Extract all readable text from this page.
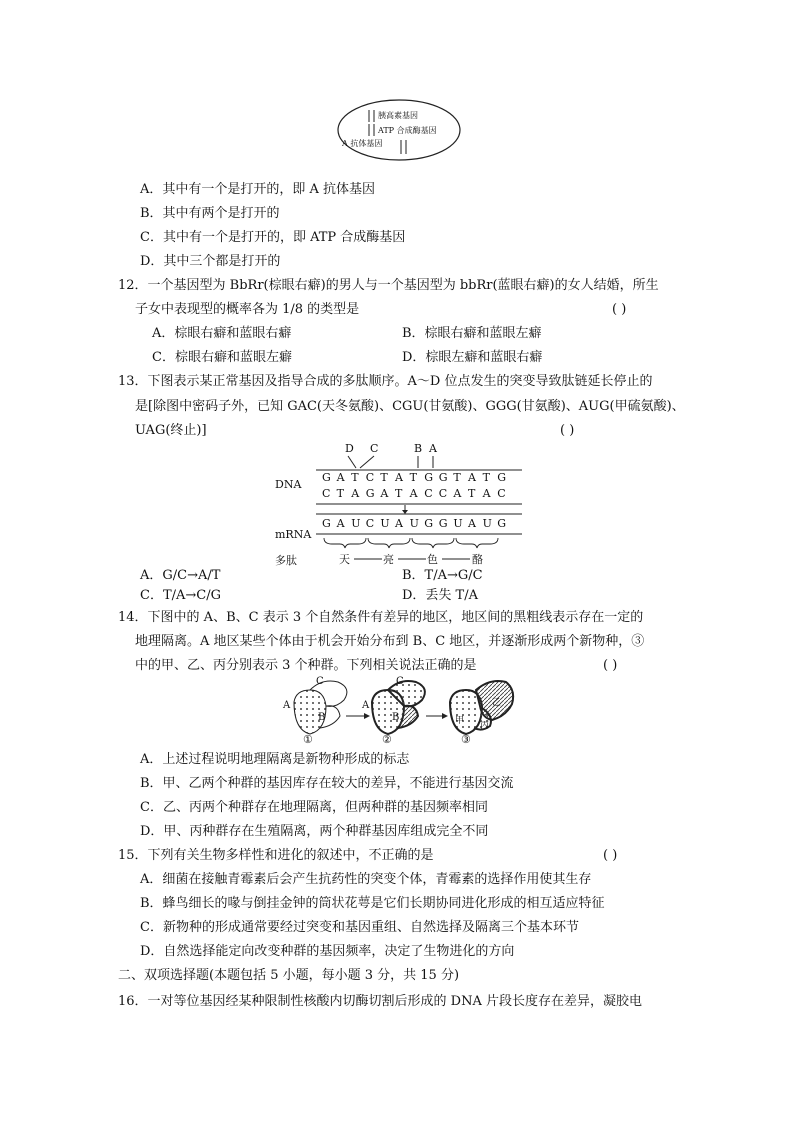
胰高素基因
ATP 合成酶基因
A 抗体基因
A．其中有一个是打开的，即 A 抗体基因
B．其中有两个是打开的
C．其中有一个是打开的，即 ATP 合成酶基因
D．其中三个都是打开的
12．一个基因型为 BbRr(棕眼右癖)的男人与一个基因型为 bbRr(蓝眼右癖)的女人结婚，所生
子女中表现型的概率各为 1/8 的类型是	( )
A．棕眼右癖和蓝眼右癖	B．棕眼右癖和蓝眼左癖
C．棕眼右癖和蓝眼左癖	D．棕眼左癖和蓝眼右癖
13．下图表示某正常基因及指导合成的多肽顺序。A～D 位点发生的突变导致肽链延长停止的
是[除图中密码子外，已知 GAC(天冬氨酸)、CGU(甘氨酸)、GGG(甘氨酸)、AUG(甲硫氨酸)、
UAG(终止)]	( )
DNA
mRNA
多肽
G A T C T A T G G T A T G
C T A G A T A C C A T A C
G A U C U A U G G U A U G
D C	B A
天	亮	色	酪
A．G/C→A/T	B．T/A→G/C
C．T/A→C/G	D．丢失 T/A
14．下图中的 A、B、C 表示 3 个自然条件有差异的地区，地区间的黑粗线表示存在一定的
地理隔离。A 地区某些个体由于机会开始分布到 B、C 地区，并逐渐形成两个新物种，③
中的甲、乙、丙分别表示 3 个种群。下列相关说法正确的是	( )
A
B
C
A
B
C
甲
乙
丙
①	②	③
A．上述过程说明地理隔离是新物种形成的标志
B．甲、乙两个种群的基因库存在较大的差异，不能进行基因交流
C．乙、丙两个种群存在地理隔离，但两种群的基因频率相同
D．甲、丙种群存在生殖隔离，两个种群基因库组成完全不同
15．下列有关生物多样性和进化的叙述中，不正确的是	( )
A．细菌在接触青霉素后会产生抗药性的突变个体，青霉素的选择作用使其生存
B．蜂鸟细长的喙与倒挂金钟的筒状花萼是它们长期协同进化形成的相互适应特征
C．新物种的形成通常要经过突变和基因重组、自然选择及隔离三个基本环节
D．自然选择能定向改变种群的基因频率，决定了生物进化的方向
二、双项选择题(本题包括 5 小题，每小题 3 分，共 15 分)
16．一对等位基因经某种限制性核酸内切酶切割后形成的 DNA 片段长度存在差异，凝胶电
